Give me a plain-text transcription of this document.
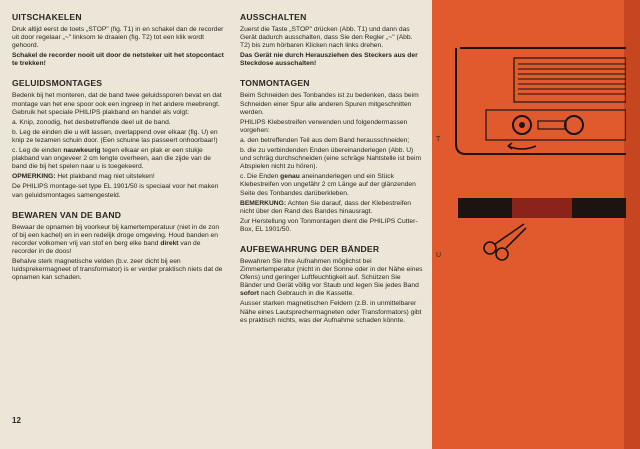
UITSCHAKELEN

Druk altijd eerst de toets „STOP" (fig. T1) in en schakel dan de recorder uit door regelaar „~" linksom te draaien (fig. T2) tot een klik wordt gehoord.

Schakel de recorder nooit uit door de netsteker uit het stopcontact te trekken!

GELUIDSMONTAGES

Bedenk bij het monteren, dat de band twee geluidssporen bevat en dat montage van het ene spoor ook een ingreep in het andere meebrengt. Gebruik het speciale PHILIPS plakband en handel als volgt:

a. Knip, zonodig, het desbetreffende deel uit de band.

b. Leg de einden die u wilt lassen, overlappend over elkaar (fig. U) en knip ze tezamen schuin door. (Een schuine las passeert onhoorbaar!)

c. Leg de einden nauwkeurig tegen elkaar en plak er een stukje plakband van ongeveer 2 cm lengte overheen, aan die zijde van de band die bij het spelen naar u is toegekeerd.

OPMERKING: Het plakband mag niet uitsteken!

De PHILIPS montage-set type EL 1901/50 is speciaal voor het maken van geluidsmontages samengesteld.

BEWAREN VAN DE BAND

Bewaar de opnamen bij voorkeur bij kamertemperatuur (niet in de zon of bij een kachel) en in een redelijk droge omgeving. Houd banden en recorder volkomen vrij van stof en berg elke band direkt van de recorder in de doos!

Behalve sterk magnetische velden (b.v. zeer dicht bij een luidsprekermagneet of transformator) is er verder praktisch niets dat de opnamen kan schaden.

AUSSCHALTEN

Zuerst die Taste „STOP" drücken (Abb. T1) und dann das Gerät dadurch ausschalten, dass Sie den Regler „~" (Abb. T2) bis zum hörbaren Klicken nach links drehen.

Das Gerät nie durch Herausziehen des Steckers aus der Steckdose ausschalten!

TONMONTAGEN

Beim Schneiden des Tonbandes ist zu bedenken, dass beim Schneiden einer Spur alle anderen Spuren mitgeschnitten werden.

PHILIPS Klebestreifen verwenden und folgendermassen vorgehen:

a. den betreffenden Teil aus dem Band herausschneiden;

b. die zu verbindenden Enden übereinanderlegen (Abb. U) und schräg durchschneiden (eine schräge Nahtstelle ist beim Abspielen nicht zu hören).

c. Die Enden genau aneinanderlegen und ein Stück Klebestreifen von ungefähr 2 cm Länge auf der glänzenden Seite des Tonbandes darüberkleben.

BEMERKUNG: Achten Sie darauf, dass der Klebestreifen nicht über den Rand des Bandes hinausragt.

Zur Herstellung von Tonmontagen dient die PHILIPS Cutter-Box, EL 1901/50.

AUFBEWAHRUNG DER BÄNDER

Bewahren Sie Ihre Aufnahmen möglichst bei Zimmertemperatur (nicht in der Sonne oder in der Nähe eines Ofens) und geringer Luftfeuchtigkeit auf. Schützen Sie Bänder und Gerät völlig vor Staub und legen Sie jedes Band sofort nach Gebrauch in die Kassette.

Ausser starken magnetischen Feldern (z.B. in unmittelbarer Nähe eines Lautsprechermagneten oder Transformators) gibt es praktisch nichts, was der Aufnahme schaden könnte.

12
T
U
